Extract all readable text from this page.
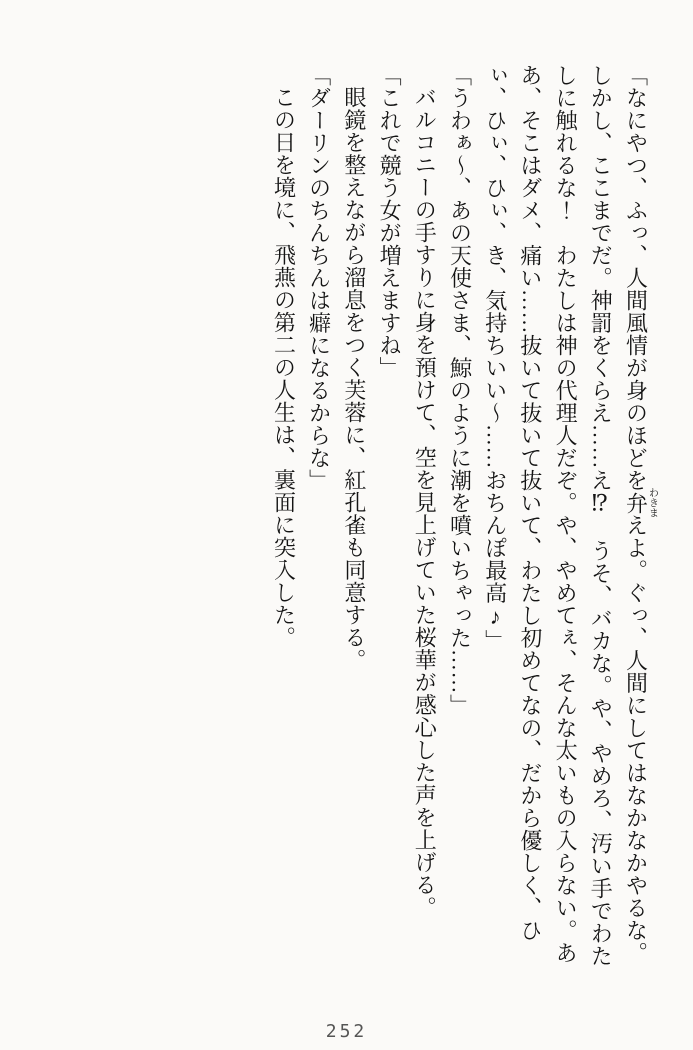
「なにやつ、ふっ、人間風情が身のほどを弁わきまえよ。ぐっ、人間にしてはなかなかやるな。しかし、ここまでだ。神罰をくらえ……え⁉　うそ、バカな。や、やめろ、汚い手でわたしに触れるな！　わたしは神の代理人だぞ。や、やめてぇ、そんな太いもの入らない。ああ、そこはダメ、痛い……抜いて抜いて抜いて、わたし初めてなの、だから優しく、ひぃ、ひぃ、ひぃ、き、気持ちいい～……おちんぽ最高♪」

「うわぁ～、あの天使さま、鯨のように潮を噴いちゃった……」

バルコニーの手すりに身を預けて、空を見上げていた桜華が感心した声を上げる。

「これで競う女が増えますね」

眼鏡を整えながら溜息をつく芙蓉に、紅孔雀も同意する。

「ダーリンのちんちんは癖になるからな」

この日を境に、飛燕の第二の人生は、裏面に突入した。

252
